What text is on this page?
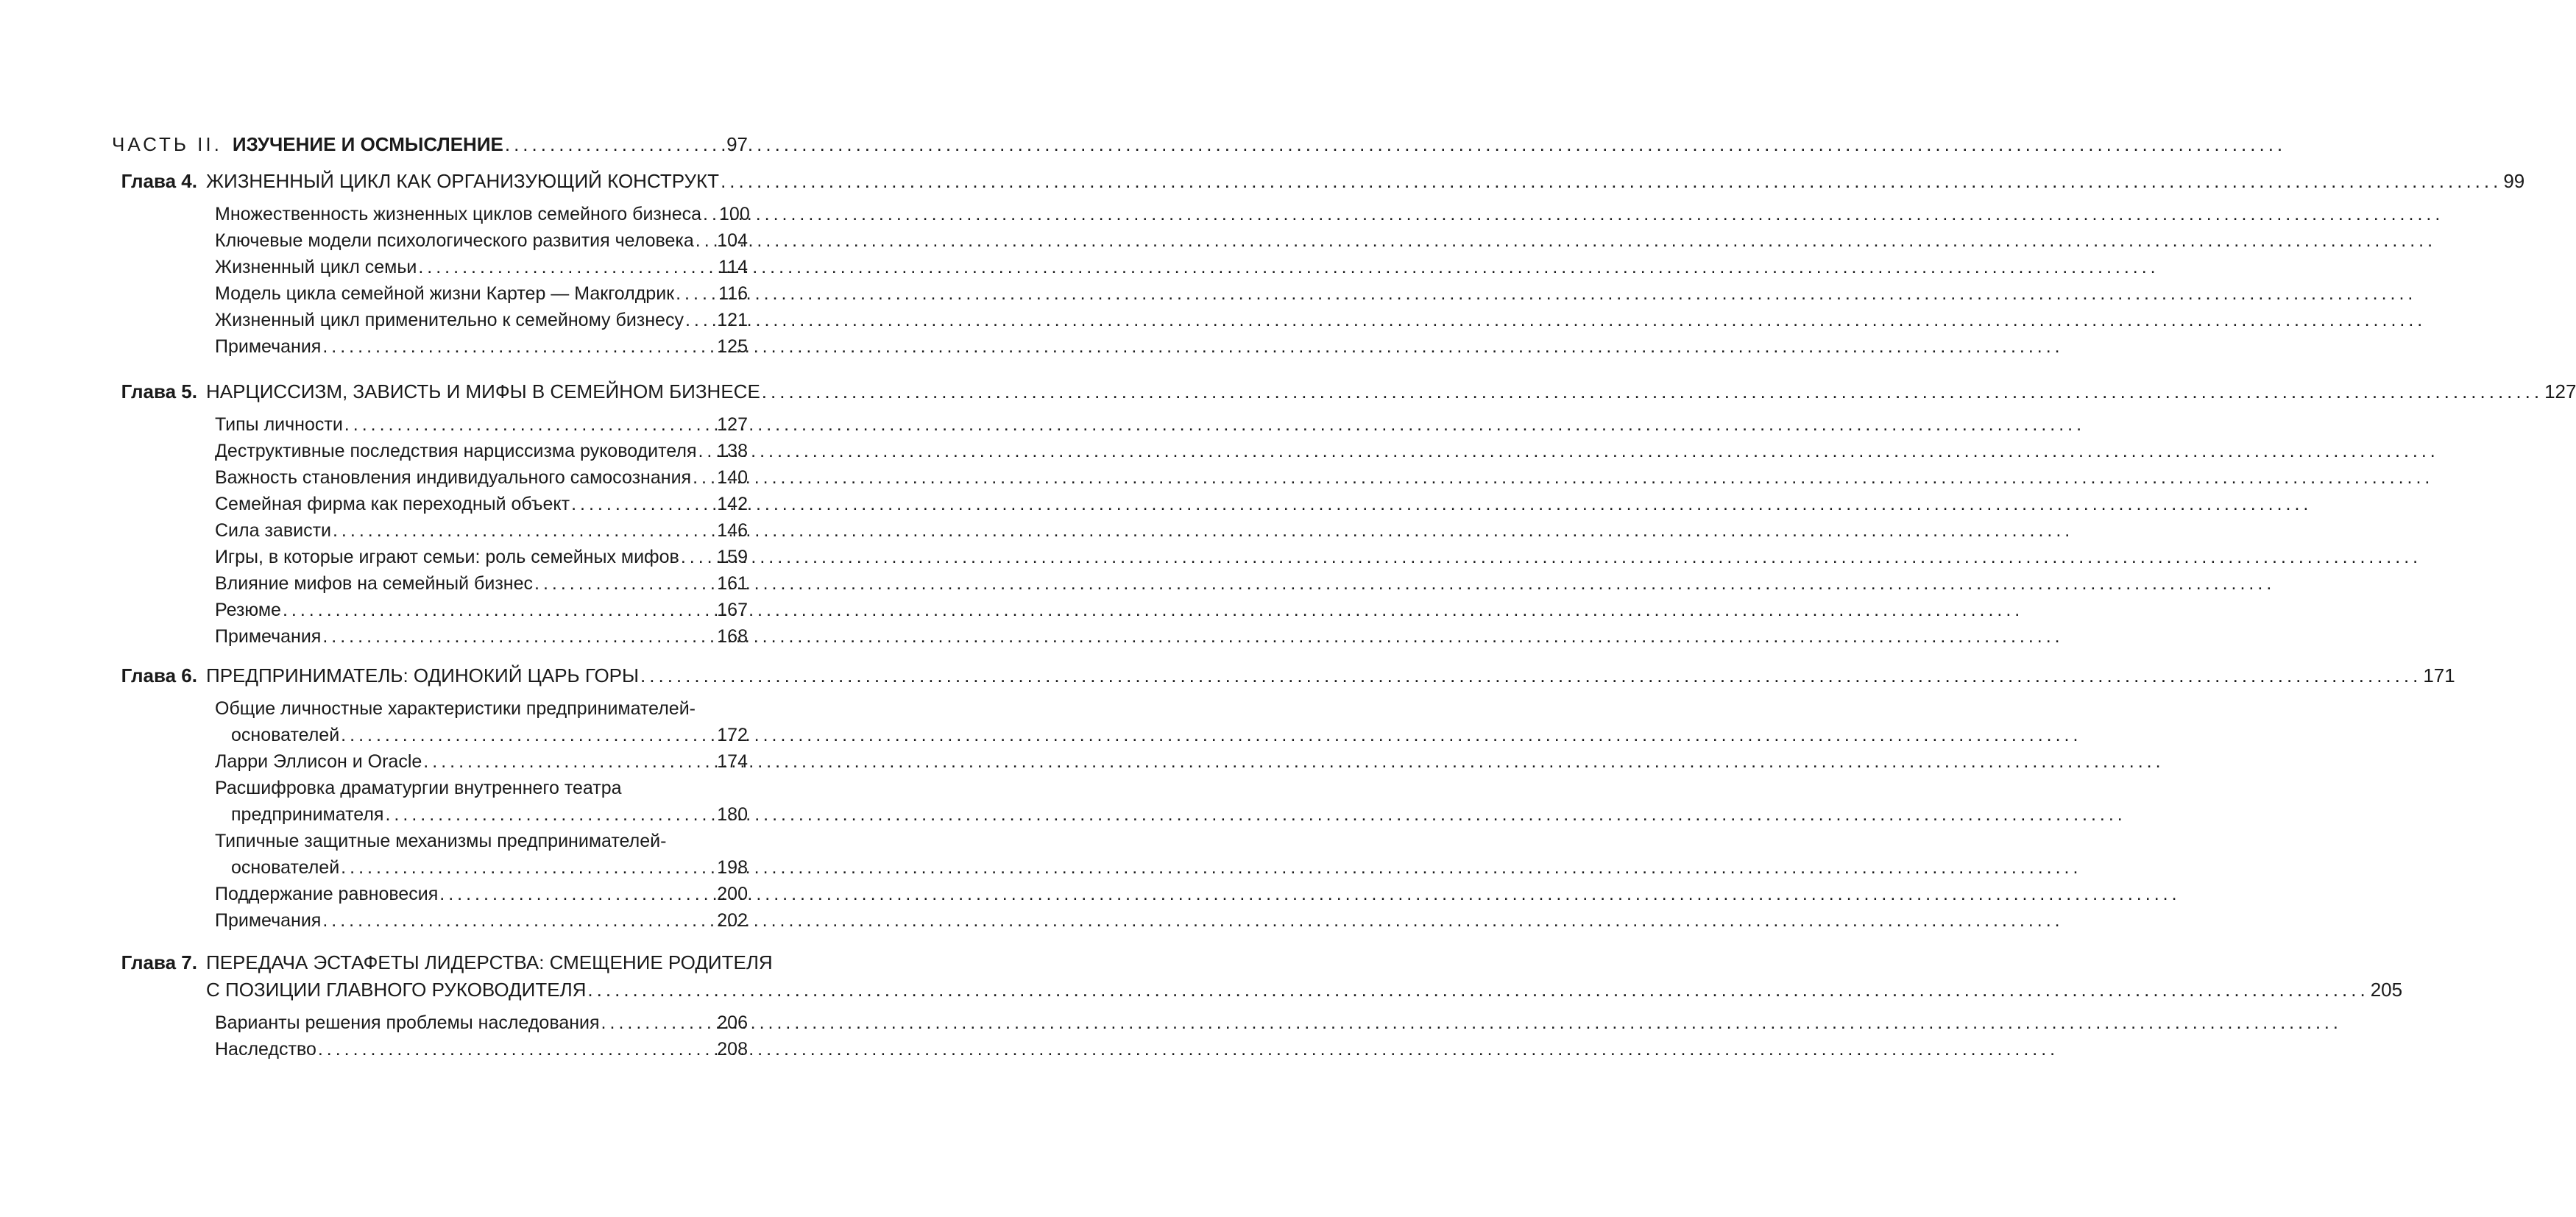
ЧАСТЬ II. ИЗУЧЕНИЕ И ОСМЫСЛЕНИЕ .....	97
Глава 4. ЖИЗНЕННЫЙ ЦИКЛ КАК ОРГАНИЗУЮЩИЙ КОНСТРУКТ .....	99
Множественность жизненных циклов семейного бизнеса ..... 100
Ключевые модели психологического развития человека ..... 104
Жизненный цикл семьи .....	114
Модель цикла семейной жизни Картер — Макголдрик ..... 116
Жизненный цикл применительно к семейному бизнесу ..... 121
Примечания .....	125
Глава 5. НАРЦИССИЗМ, ЗАВИСТЬ И МИФЫ В СЕМЕЙНОМ БИЗНЕСЕ .....	127
Типы личности .....	127
Деструктивные последствия нарциссизма руководителя ..... 138
Важность становления индивидуального самосознания ..... 140
Семейная фирма как переходный объект .....	142
Сила зависти .....	146
Игры, в которые играют семьи: роль семейных мифов ..... 159
Влияние мифов на семейный бизнес .....	161
Резюме .....	167
Примечания .....	168
Глава 6. ПРЕДПРИНИМАТЕЛЬ: ОДИНОКИЙ ЦАРЬ ГОРЫ .....	171
Общие личностные характеристики предпринимателей-
основателей .....	172
Ларри Эллисон и Oracle .....	174
Расшифровка драматургии внутреннего театра
предпринимателя .....	180
Типичные защитные механизмы предпринимателей-
основателей .....	198
Поддержание равновесия .....	200
Примечания .....	202
Глава 7. ПЕРЕДАЧА ЭСТАФЕТЫ ЛИДЕРСТВА: СМЕЩЕНИЕ РОДИТЕЛЯ
С ПОЗИЦИИ ГЛАВНОГО РУКОВОДИТЕЛЯ .....	205
Варианты решения проблемы наследования .....	206
Наследство .....	208
